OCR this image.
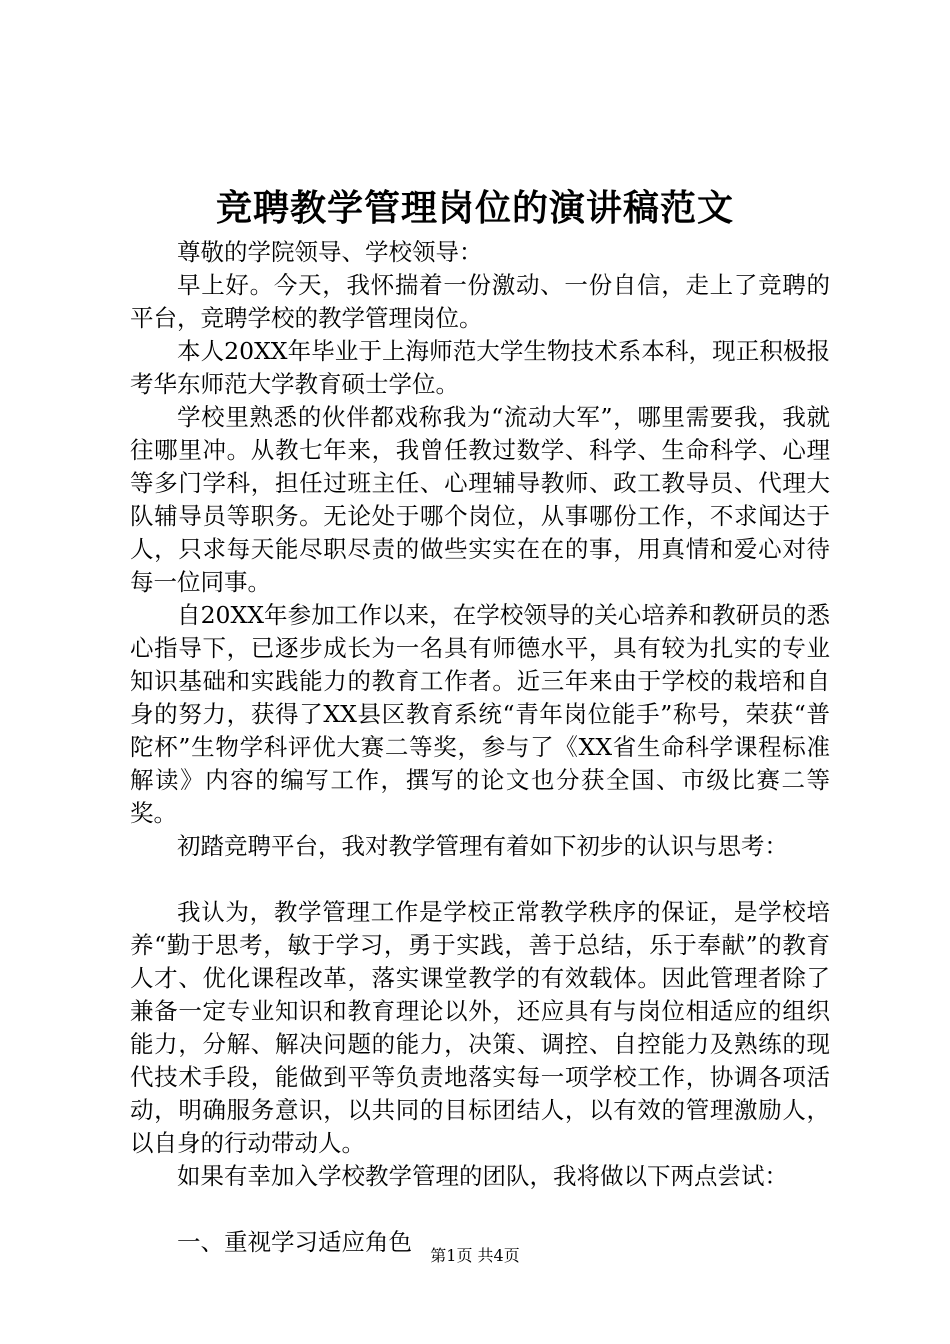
竞聘教学管理岗位的演讲稿范文

尊敬的学院领导、学校领导：

早上好。今天，我怀揣着一份激动、一份自信，走上了竞聘的平台，竞聘学校的教学管理岗位。

本人20XX年毕业于上海师范大学生物技术系本科，现正积极报考华东师范大学教育硕士学位。

学校里熟悉的伙伴都戏称我为“流动大军”，哪里需要我，我就往哪里冲。从教七年来，我曾任教过数学、科学、生命科学、心理等多门学科，担任过班主任、心理辅导教师、政工教导员、代理大队辅导员等职务。无论处于哪个岗位，从事哪份工作，不求闻达于人，只求每天能尽职尽责的做些实实在在的事，用真情和爱心对待每一位同事。

自20XX年参加工作以来，在学校领导的关心培养和教研员的悉心指导下，已逐步成长为一名具有师德水平，具有较为扎实的专业知识基础和实践能力的教育工作者。近三年来由于学校的栽培和自身的努力，获得了XX县区教育系统“青年岗位能手”称号，荣获“普陀杯”生物学科评优大赛二等奖，参与了《XX省生命科学课程标准解读》内容的编写工作，撰写的论文也分获全国、市级比赛二等奖。

初踏竞聘平台，我对教学管理有着如下初步的认识与思考：

我认为，教学管理工作是学校正常教学秩序的保证，是学校培养“勤于思考，敏于学习，勇于实践，善于总结，乐于奉献”的教育人才、优化课程改革，落实课堂教学的有效载体。因此管理者除了兼备一定专业知识和教育理论以外，还应具有与岗位相适应的组织能力，分解、解决问题的能力，决策、调控、自控能力及熟练的现代技术手段，能做到平等负责地落实每一项学校工作，协调各项活动，明确服务意识，以共同的目标团结人，以有效的管理激励人，以自身的行动带动人。

如果有幸加入学校教学管理的团队，我将做以下两点尝试：

一、重视学习适应角色	第1页 共4页
